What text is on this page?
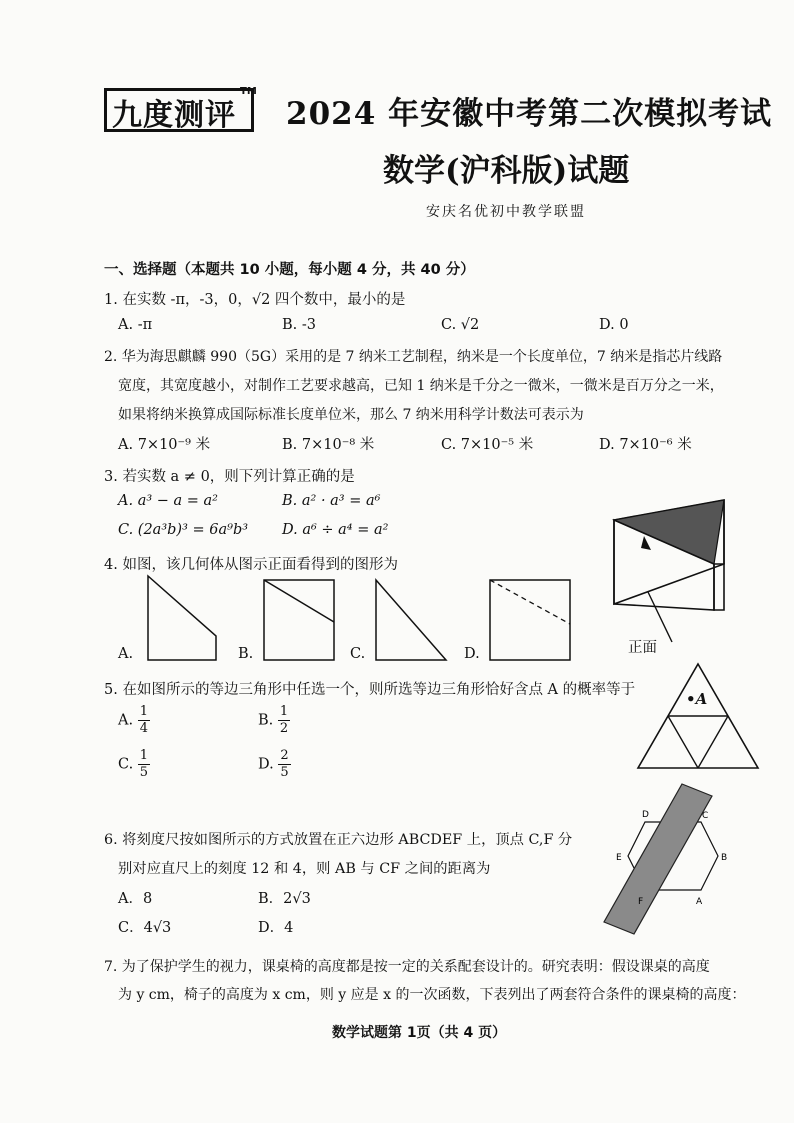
九度测评
TM
2024 年安徽中考第二次模拟考试
数学(沪科版)试题
安庆名优初中教学联盟
一、选择题（本题共 10 小题，每小题 4 分，共 40 分）
1. 在实数 -π，-3，0，√2 四个数中，最小的是
A. -π	B. -3	C. √2	D. 0
2. 华为海思麒麟 990（5G）采用的是 7 纳米工艺制程，纳米是一个长度单位，7 纳米是指芯片线路
宽度，其宽度越小，对制作工艺要求越高，已知 1 纳米是千分之一微米，一微米是百万分之一米，
如果将纳米换算成国际标准长度单位米，那么 7 纳米用科学计数法可表示为
A. 7×10⁻⁹ 米	B. 7×10⁻⁸ 米	C. 7×10⁻⁵ 米	D. 7×10⁻⁶ 米
3. 若实数 a ≠ 0，则下列计算正确的是
A. a³ − a = a²	B. a² · a³ = a⁶
C. (2a³b)³ = 6a⁹b³ D. a⁶ ÷ a⁴ = a²
正面
4. 如图，该几何体从图示正面看得到的图形为
A.	B.	C.	D.
5. 在如图所示的等边三角形中任选一个，则所选等边三角形恰好含点 A 的概率等于
A. $\frac{1}{4}$	B. $\frac{1}{2}$
C. $\frac{1}{5}$	D. $\frac{2}{5}$
•A
6. 将刻度尺按如图所示的方式放置在正六边形 ABCDEF 上，顶点 C,F 分
别对应直尺上的刻度 12 和 4，则 AB 与 CF 之间的距离为
A．8	B．2√3
C．4√3	D．4
D	C
B
E
F	A
7. 为了保护学生的视力，课桌椅的高度都是按一定的关系配套设计的。研究表明：假设课桌的高度
为 y cm，椅子的高度为 x cm，则 y 应是 x 的一次函数，下表列出了两套符合条件的课桌椅的高度：
数学试题第 1页（共 4 页）
